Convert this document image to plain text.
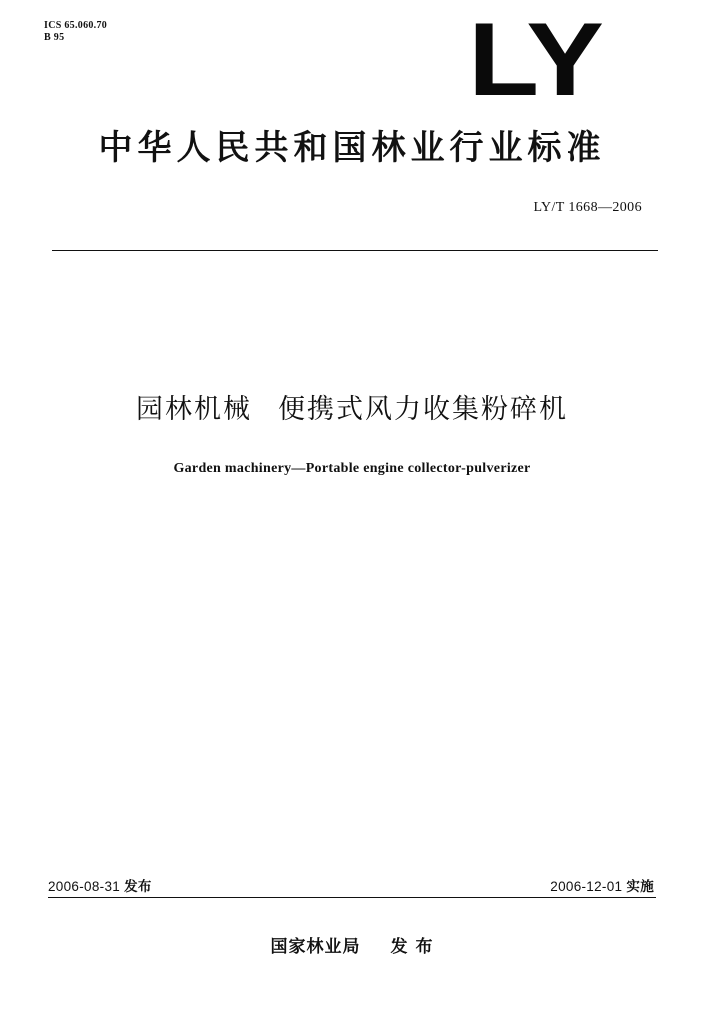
ICS 65.060.70
B 95	LY
中华人民共和国林业行业标准
LY/T 1668—2006
园林机械 便携式风力收集粉碎机
Garden machinery—Portable engine collector-pulverizer
2006-08-31 发布	2006-12-01 实施
国家林业局 发 布
